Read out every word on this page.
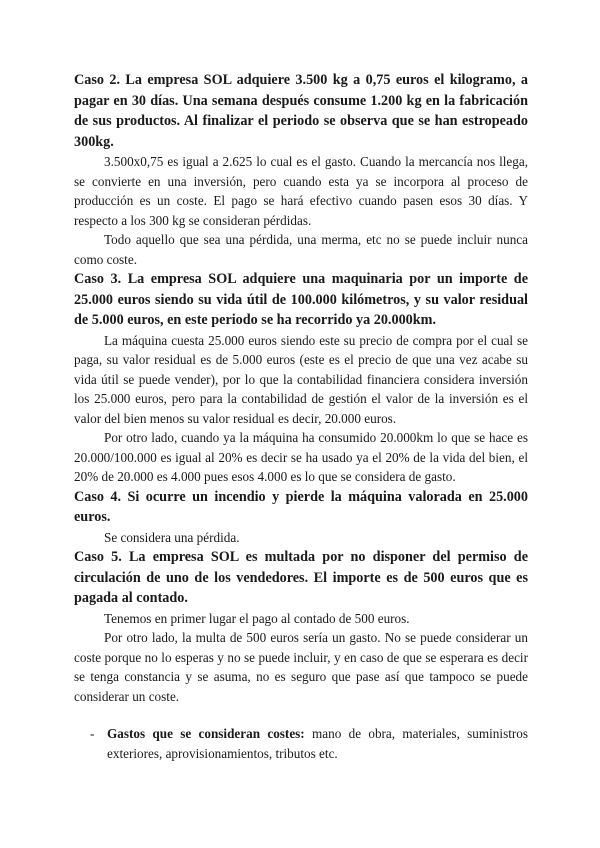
Caso 2. La empresa SOL adquiere 3.500 kg a 0,75 euros el kilogramo, a pagar en 30 días. Una semana después consume 1.200 kg en la fabricación de sus productos. Al finalizar el periodo se observa que se han estropeado 300kg.

3.500x0,75 es igual a 2.625 lo cual es el gasto. Cuando la mercancía nos llega, se convierte en una inversión, pero cuando esta ya se incorpora al proceso de producción es un coste. El pago se hará efectivo cuando pasen esos 30 días. Y respecto a los 300 kg se consideran pérdidas.

Todo aquello que sea una pérdida, una merma, etc no se puede incluir nunca como coste.

Caso 3. La empresa SOL adquiere una maquinaria por un importe de 25.000 euros siendo su vida útil de 100.000 kilómetros, y su valor residual de 5.000 euros, en este periodo se ha recorrido ya 20.000km.

La máquina cuesta 25.000 euros siendo este su precio de compra por el cual se paga, su valor residual es de 5.000 euros (este es el precio de que una vez acabe su vida útil se puede vender), por lo que la contabilidad financiera considera inversión los 25.000 euros, pero para la contabilidad de gestión el valor de la inversión es el valor del bien menos su valor residual es decir, 20.000 euros.

Por otro lado, cuando ya la máquina ha consumido 20.000km lo que se hace es 20.000/100.000 es igual al 20% es decir se ha usado ya el 20% de la vida del bien, el 20% de 20.000 es 4.000 pues esos 4.000 es lo que se considera de gasto.

Caso 4. Si ocurre un incendio y pierde la máquina valorada en 25.000 euros.

Se considera una pérdida.

Caso 5. La empresa SOL es multada por no disponer del permiso de circulación de uno de los vendedores. El importe es de 500 euros que es pagada al contado.

Tenemos en primer lugar el pago al contado de 500 euros.

Por otro lado, la multa de 500 euros sería un gasto. No se puede considerar un coste porque no lo esperas y no se puede incluir, y en caso de que se esperara es decir se tenga constancia y se asuma, no es seguro que pase así que tampoco se puede considerar un coste.

- Gastos que se consideran costes: mano de obra, materiales, suministros exteriores, aprovisionamientos, tributos etc.
